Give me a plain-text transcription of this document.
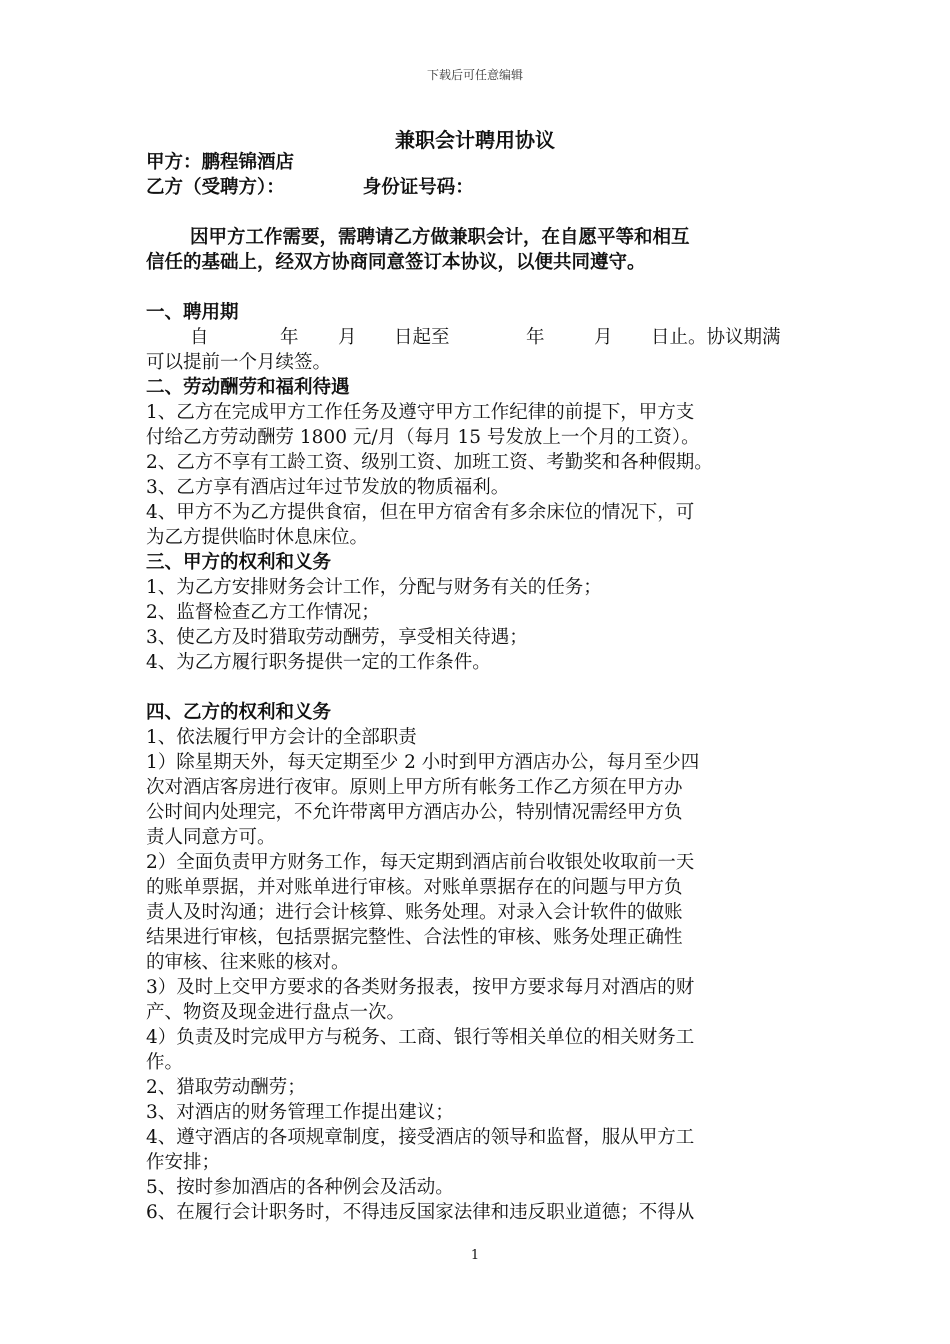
下载后可任意编辑
兼职会计聘用协议
甲方：鹏程锦酒店
乙方（受聘方）：	身份证号码：
因甲方工作需要，需聘请乙方做兼职会计，在自愿平等和相互
信任的基础上，经双方协商同意签订本协议，以便共同遵守。
一、聘用期
自	年 月 日起至	年	月 日止。协议期满
可以提前一个月续签。
二、劳动酬劳和福利待遇
1、乙方在完成甲方工作任务及遵守甲方工作纪律的前提下，甲方支
付给乙方劳动酬劳 1800 元/月（每月 15 号发放上一个月的工资）。
2、乙方不享有工龄工资、级别工资、加班工资、考勤奖和各种假期。
3、乙方享有酒店过年过节发放的物质福利。
4、甲方不为乙方提供食宿，但在甲方宿舍有多余床位的情况下，可
为乙方提供临时休息床位。
三、甲方的权利和义务
1、为乙方安排财务会计工作，分配与财务有关的任务；
2、监督检查乙方工作情况；
3、使乙方及时猎取劳动酬劳，享受相关待遇；
4、为乙方履行职务提供一定的工作条件。
四、乙方的权利和义务
1、依法履行甲方会计的全部职责
1）除星期天外，每天定期至少 2 小时到甲方酒店办公，每月至少四
次对酒店客房进行夜审。原则上甲方所有帐务工作乙方须在甲方办
公时间内处理完，不允许带离甲方酒店办公，特别情况需经甲方负
责人同意方可。
2）全面负责甲方财务工作，每天定期到酒店前台收银处收取前一天
的账单票据，并对账单进行审核。对账单票据存在的问题与甲方负
责人及时沟通；进行会计核算、账务处理。对录入会计软件的做账
结果进行审核，包括票据完整性、合法性的审核、账务处理正确性
的审核、往来账的核对。
3）及时上交甲方要求的各类财务报表，按甲方要求每月对酒店的财
产、物资及现金进行盘点一次。
4）负责及时完成甲方与税务、工商、银行等相关单位的相关财务工
作。
2、猎取劳动酬劳；
3、对酒店的财务管理工作提出建议；
4、遵守酒店的各项规章制度，接受酒店的领导和监督，服从甲方工
作安排；
5、按时参加酒店的各种例会及活动。
6、在履行会计职务时，不得违反国家法律和违反职业道德；不得从
1
